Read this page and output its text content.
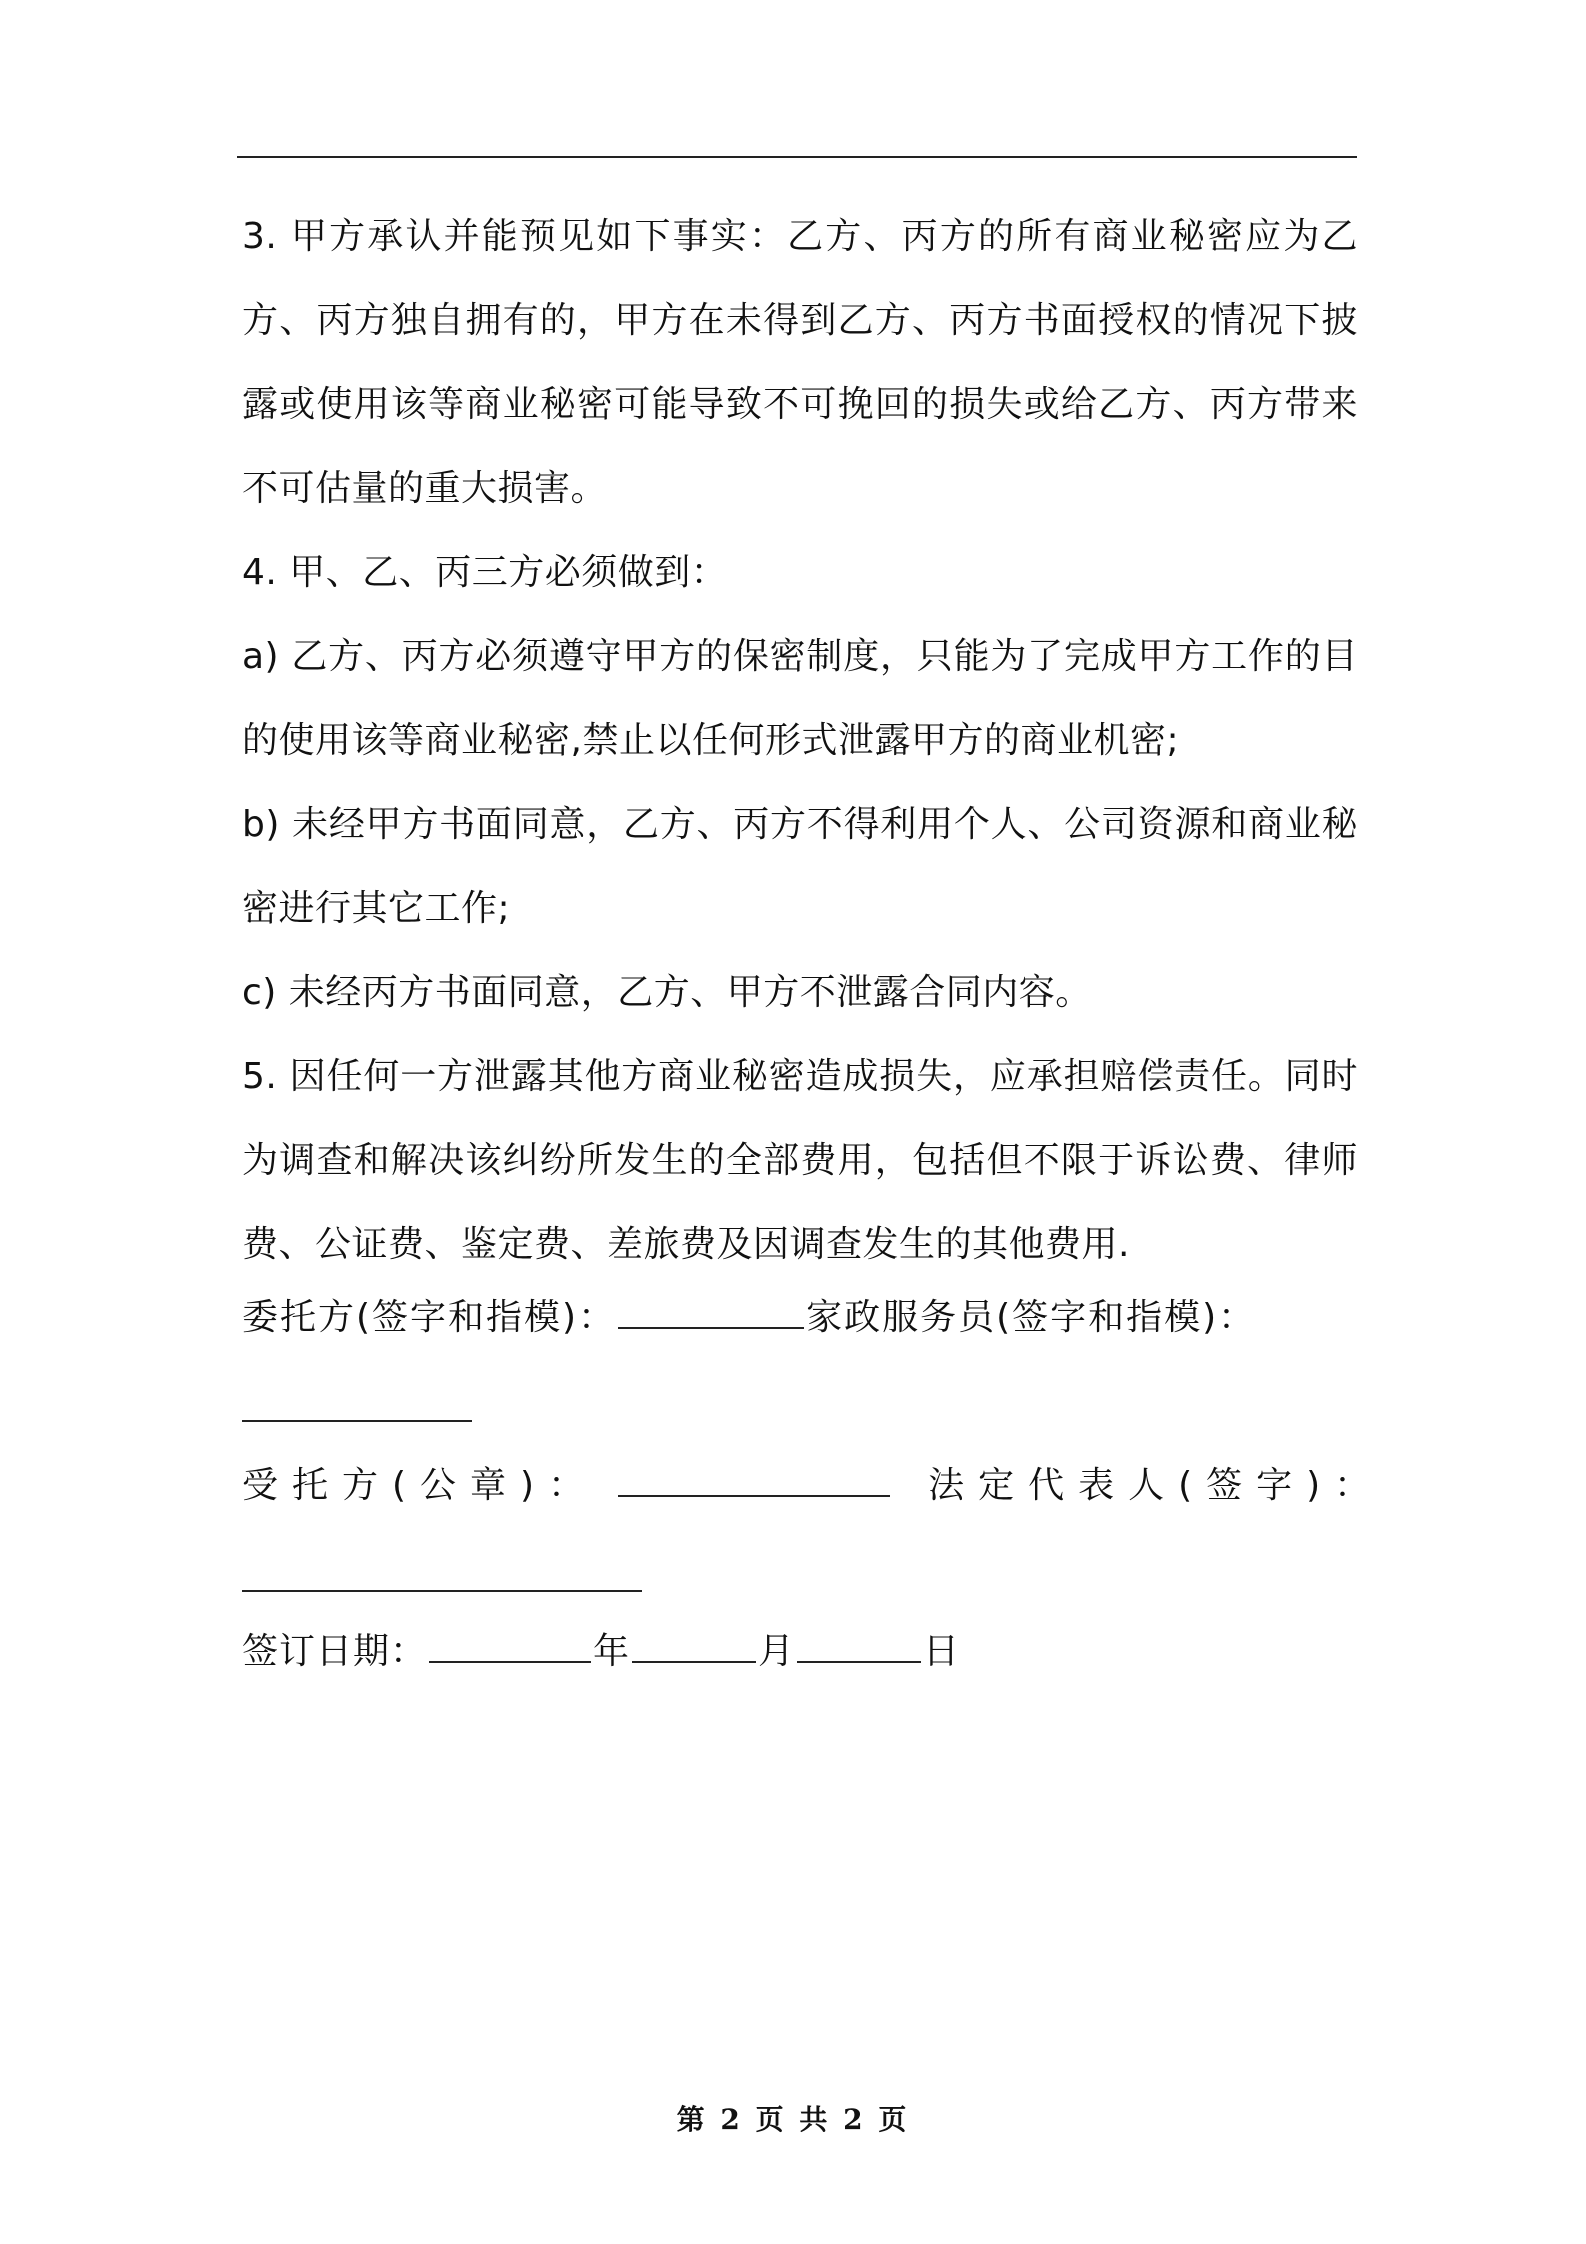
3. 甲方承认并能预见如下事实：乙方、丙方的所有商业秘密应为乙方、丙方独自拥有的，甲方在未得到乙方、丙方书面授权的情况下披露或使用该等商业秘密可能导致不可挽回的损失或给乙方、丙方带来不可估量的重大损害。

4. 甲、乙、丙三方必须做到：

a) 乙方、丙方必须遵守甲方的保密制度，只能为了完成甲方工作的目的使用该等商业秘密,禁止以任何形式泄露甲方的商业机密;

b) 未经甲方书面同意，乙方、丙方不得利用个人、公司资源和商业秘密进行其它工作;

c) 未经丙方书面同意，乙方、甲方不泄露合同内容。

5. 因任何一方泄露其他方商业秘密造成损失，应承担赔偿责任。同时为调查和解决该纠纷所发生的全部费用，包括但不限于诉讼费、律师费、公证费、鉴定费、差旅费及因调查发生的其他费用.

委托方(签字和指模)：	家政服务员(签字和指模)：
受托方(公章)：	法定代表人(签字)：
签订日期：	年	月	日
第 2 页 共 2 页
